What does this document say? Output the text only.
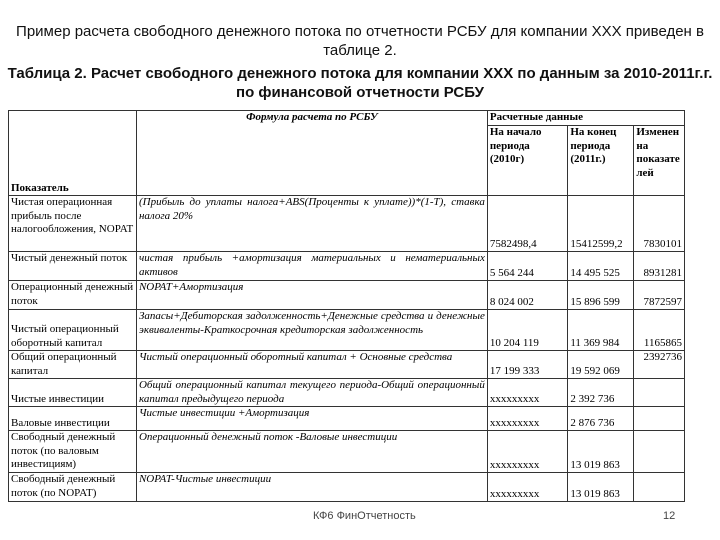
Пример расчета свободного денежного потока по отчетности РСБУ для компании XXX приведен в таблице 2.
Таблица 2. Расчет свободного денежного потока для компании XXX по данным за 2010-2011г.г. по финансовой отчетности РСБУ
Показатель	Формула расчета по РСБУ	Расчетные данные		
		На начало периода (2010г)	На конец периода (2011г.)	Изменен на показате лей
Чистая операционная прибыль после налогообложения, NOPAT	(Прибыль до уплаты налога+ABS(Проценты к уплате))*(1-T), ставка налога 20%	7582498,4	15412599,2	7830101
Чистый денежный поток	чистая прибыль +амортизация материальных и нематериальных активов	5 564 244	14 495 525	8931281
Операционный денежный поток	NOPAT+Амортизация	8 024 002	15 896 599	7872597
Чистый операционный оборотный капитал	Запасы+Дебиторская задолженность+Денежные средства и денежные эквиваленты-Краткосрочная кредиторская задолженность	10 204 119	11 369 984	1165865
Общий операционный капитал	Чистый операционный оборотный капитал + Основные средства	17 199 333	19 592 069	2392736
Чистые инвестиции	Общий операционный капитал текущего периода-Общий операционный капитал предыдущего периода	xxxxxxxxx	2 392 736	
Валовые инвестиции	Чистые инвестиции +Амортизация	xxxxxxxxx	2 876 736	
Свободный денежный поток (по валовым инвестициям)	Операционный денежный поток -Валовые инвестиции	xxxxxxxxx	13 019 863	
Свободный денежный поток (по NOPAT)	NOPAT-Чистые инвестиции	xxxxxxxxx	13 019 863	
КФ6 ФинОтчетность	12
